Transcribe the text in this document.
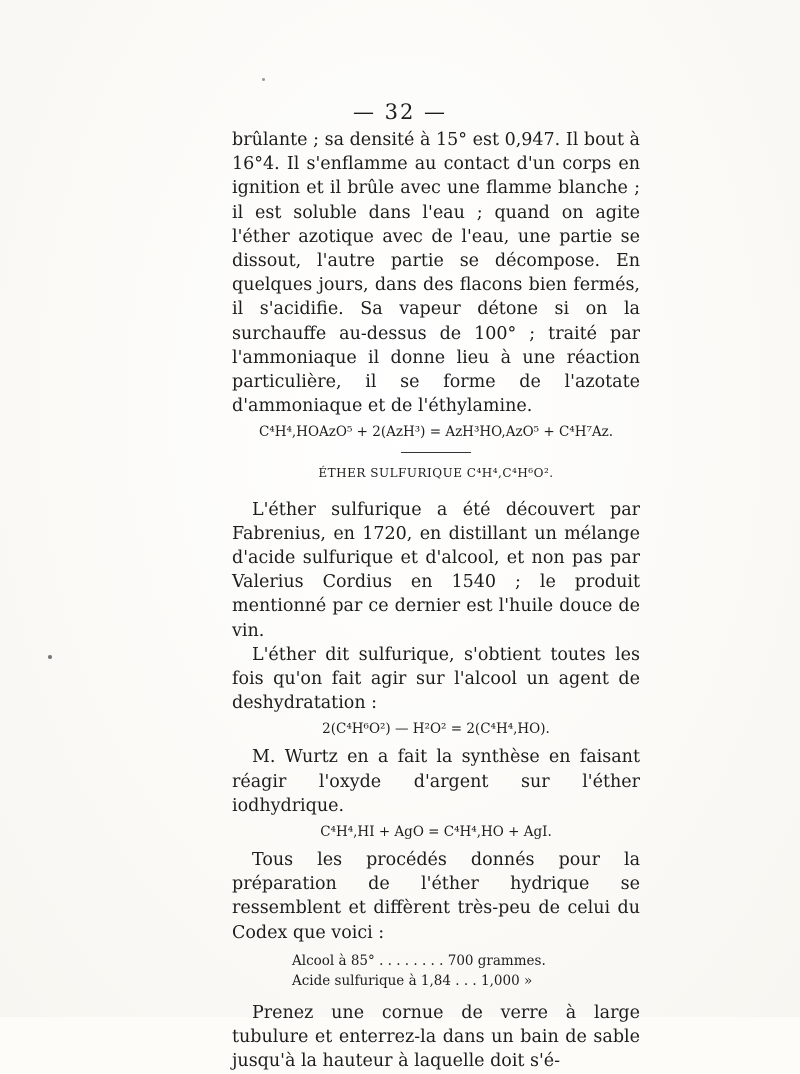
— 32 —

brûlante ; sa densité à 15° est 0,947. Il bout à 16°4. Il s'enflamme au contact d'un corps en ignition et il brûle avec une flamme blanche ; il est soluble dans l'eau ; quand on agite l'éther azotique avec de l'eau, une partie se dissout, l'autre partie se décompose. En quelques jours, dans des flacons bien fermés, il s'acidifie. Sa vapeur détone si on la surchauffe au-dessus de 100° ; traité par l'ammoniaque il donne lieu à une réaction particulière, il se forme de l'azotate d'ammoniaque et de l'éthylamine.

C⁴H⁴,HOAzO⁵ + 2(AzH³) = AzH³HO,AzO⁵ + C⁴H⁷Az.
ÉTHER SULFURIQUE C⁴H⁴,C⁴H⁶O².

L'éther sulfurique a été découvert par Fabrenius, en 1720, en distillant un mélange d'acide sulfurique et d'alcool, et non pas par Valerius Cordius en 1540 ; le produit mentionné par ce dernier est l'huile douce de vin.

L'éther dit sulfurique, s'obtient toutes les fois qu'on fait agir sur l'alcool un agent de deshydratation :

2(C⁴H⁶O²) — H²O² = 2(C⁴H⁴,HO).

M. Wurtz en a fait la synthèse en faisant réagir l'oxyde d'argent sur l'éther iodhydrique.

C⁴H⁴,HI + AgO = C⁴H⁴,HO + AgI.

Tous les procédés donnés pour la préparation de l'éther hydrique se ressemblent et diffèrent très-peu de celui du Codex que voici :

Alcool à 85° . . . . . . . . 700 grammes.
Acide sulfurique à 1,84 . . . 1,000 »

Prenez une cornue de verre à large tubulure et enterrez-la dans un bain de sable jusqu'à la hauteur à laquelle doit s'é-
